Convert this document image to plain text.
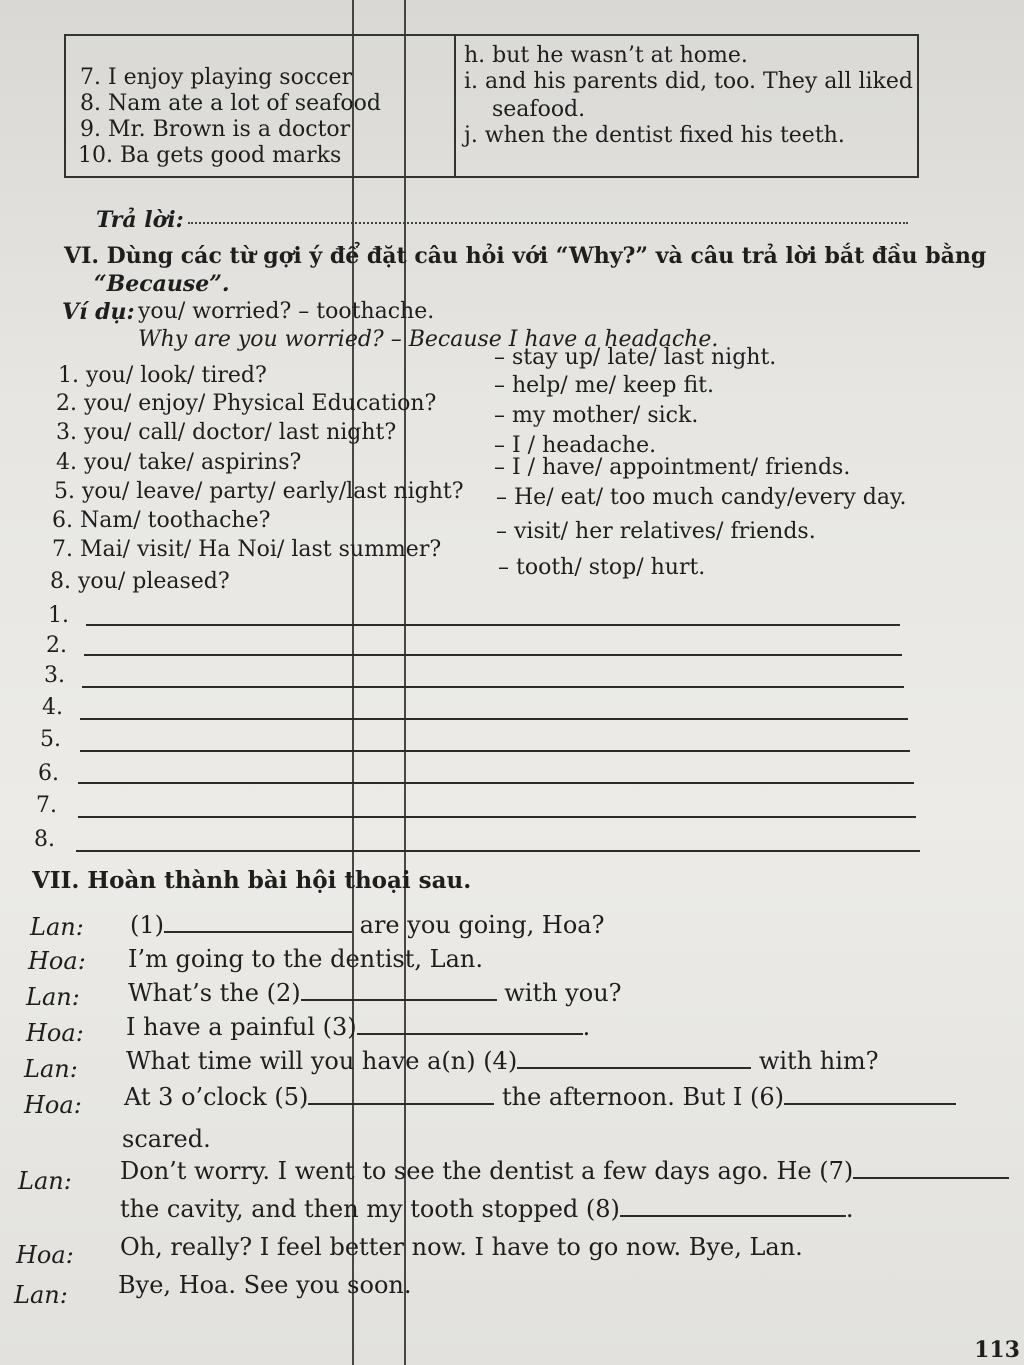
7. I enjoy playing soccer
8. Nam ate a lot of seafood
9. Mr. Brown is a doctor
10. Ba gets good marks
h. but he wasn’t at home.
i. and his parents did, too. They all liked
seafood.
j. when the dentist fixed his teeth.
Trả lời:
VI. Dùng các từ gợi ý để đặt câu hỏi với “Why?” và câu trả lời bắt đầu bằng
“Because”.
Ví dụ: you/ worried? – toothache.
Why are you worried? – Because I have a headache.
1. you/ look/ tired?
– stay up/ late/ last night.
2. you/ enjoy/ Physical Education?
– help/ me/ keep fit.
3. you/ call/ doctor/ last night?
– my mother/ sick.
4. you/ take/ aspirins?
– I / headache.
5. you/ leave/ party/ early/last night?
– I / have/ appointment/ friends.
6. Nam/ toothache?
– He/ eat/ too much candy/every day.
7. Mai/ visit/ Ha Noi/ last summer?
– visit/ her relatives/ friends.
8. you/ pleased?
– tooth/ stop/ hurt.
1.
2.
3.
4.
5.
6.
7.
8.
VII. Hoàn thành bài hội thoại sau.
Lan: (1)	are you going, Hoa?
Hoa: I’m going to the dentist, Lan.
Lan: What’s the (2)	with you?
Hoa: I have a painful (3)	.
Lan: What time will you have a(n) (4)	with him?
Hoa: At 3 o’clock (5)	the afternoon. But I (6)
scared.
Lan: Don’t worry. I went to see the dentist a few days ago. He (7)
the cavity, and then my tooth stopped (8)	.
Hoa: Oh, really? I feel better now. I have to go now. Bye, Lan.
Lan: Bye, Hoa. See you soon.
113
